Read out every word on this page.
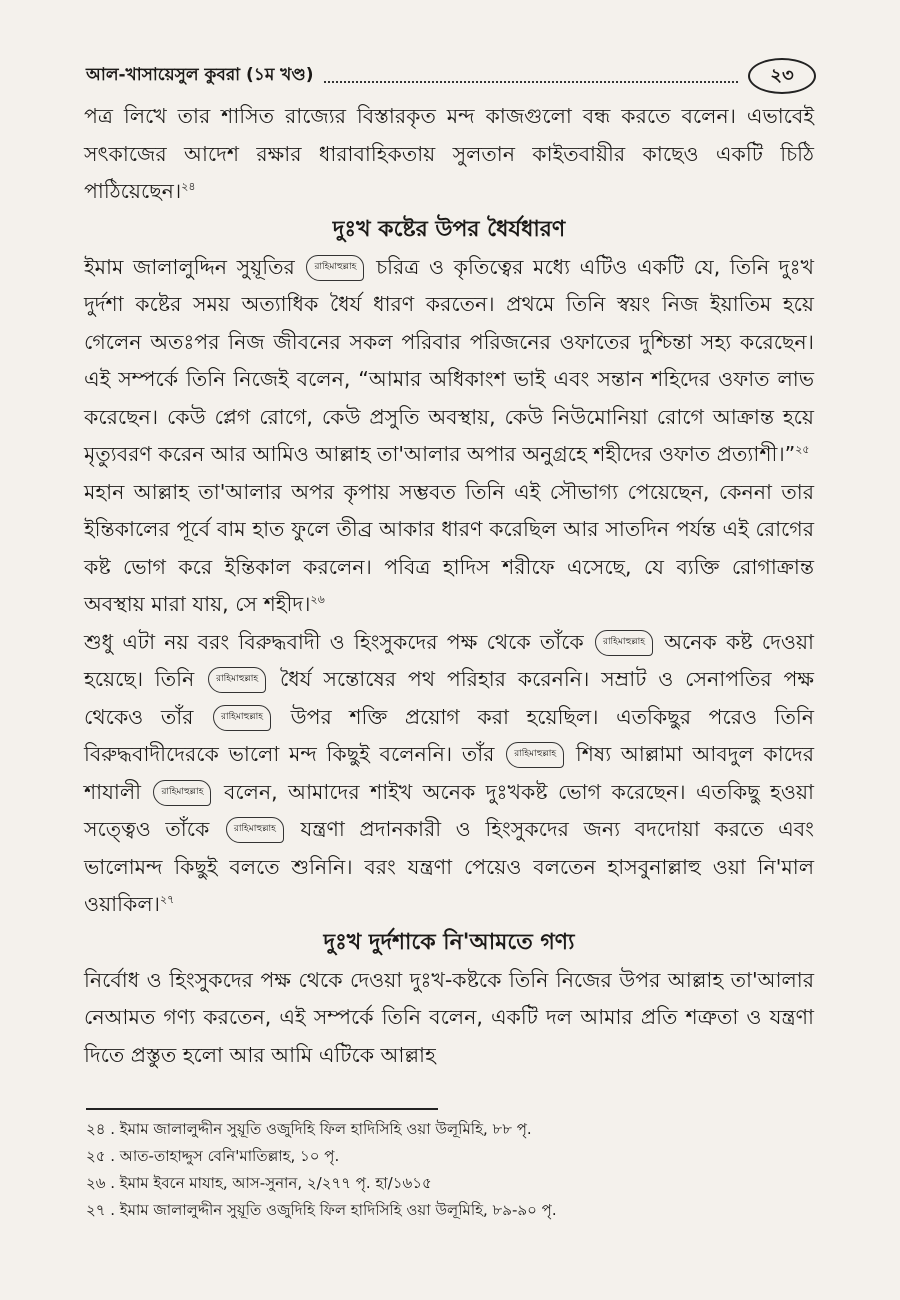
আল-খাসায়েসুল কুবরা (১ম খণ্ড)	২৩

পত্র লিখে তার শাসিত রাজ্যের বিস্তারকৃত মন্দ কাজগুলো বন্ধ করতে বলেন। এভাবেই সৎকাজের আদেশ রক্ষার ধারাবাহিকতায় সুলতান কাইতবায়ীর কাছেও একটি চিঠি পাঠিয়েছেন।$^{২৪}$

দুঃখ কষ্টের উপর ধৈর্যধারণ

ইমাম জালালুদ্দিন সুয়ূতির	রাহিমাহুল্লাহ চরিত্র ও কৃতিত্বের মধ্যে এটিও একটি যে, তিনি দুঃখ দুর্দশা কষ্টের সময় অত্যাধিক ধৈর্য ধারণ করতেন। প্রথমে তিনি স্বয়ং নিজ ইয়াতিম হয়ে গেলেন অতঃপর নিজ জীবনের সকল পরিবার পরিজনের ওফাতের দুশ্চিন্তা সহ্য করেছেন। এই সম্পর্কে তিনি নিজেই বলেন, “আমার অধিকাংশ ভাই এবং সন্তান শহিদের ওফাত লাভ করেছেন। কেউ প্লেগ রোগে, কেউ প্রসুতি অবস্থায়, কেউ নিউমোনিয়া রোগে আক্রান্ত হয়ে মৃত্যুবরণ করেন আর আমিও আল্লাহ তা'আলার অপার অনুগ্রহে শহীদের ওফাত প্রত্যাশী।”$^{২৫}$

মহান আল্লাহ তা'আলার অপর কৃপায় সম্ভবত তিনি এই সৌভাগ্য পেয়েছেন, কেননা তার ইন্তিকালের পূর্বে বাম হাত ফুলে তীব্র আকার ধারণ করেছিল আর সাতদিন পর্যন্ত এই রোগের কষ্ট ভোগ করে ইন্তিকাল করলেন। পবিত্র হাদিস শরীফে এসেছে, যে ব্যক্তি রোগাক্রান্ত অবস্থায় মারা যায়, সে শহীদ।$^{২৬}$

শুধু এটা নয় বরং বিরুদ্ধবাদী ও হিংসুকদের পক্ষ থেকে তাঁকে	রাহিমাহুল্লাহ অনেক কষ্ট দেওয়া হয়েছে। তিনি	রাহিমাহুল্লাহ	ধৈর্য সন্তোষের পথ পরিহার করেননি। সম্রাট ও সেনাপতির পক্ষ থেকেও তাঁর	রাহিমাহুল্লাহ	উপর শক্তি প্রয়োগ করা হয়েছিল। এতকিছুর পরেও তিনি বিরুদ্ধবাদীদেরকে ভালো মন্দ কিছুই বলেননি। তাঁর	রাহিমাহুল্লাহ শিষ্য আল্লামা আবদুল কাদের শাযালী	রাহিমাহুল্লাহ	বলেন, আমাদের শাইখ অনেক দুঃখকষ্ট ভোগ করেছেন। এতকিছু হওয়া সত্ত্বেও তাঁকে	রাহিমাহুল্লাহ	যন্ত্রণা প্রদানকারী ও হিংসুকদের জন্য বদদোয়া করতে এবং ভালোমন্দ কিছুই বলতে শুনিনি। বরং যন্ত্রণা পেয়েও বলতেন হাসবুনাল্লাহু ওয়া নি'মাল ওয়াকিল।$^{২৭}$

দুঃখ দুর্দশাকে নি'আমতে গণ্য

নির্বোধ ও হিংসুকদের পক্ষ থেকে দেওয়া দুঃখ-কষ্টকে তিনি নিজের উপর আল্লাহ তা'আলার নেআমত গণ্য করতেন, এই সম্পর্কে তিনি বলেন, একটি দল আমার প্রতি শত্রুতা ও যন্ত্রণা দিতে প্রস্তুত হলো আর আমি এটিকে আল্লাহ

২৪ . ইমাম জালালুদ্দীন সুয়ূতি ওজুদিহি ফিল হাদিসিহি ওয়া উলূমিহি, ৮৮ পৃ.
২৫ . আত-তাহাদ্দুস বেনি'মাতিল্লাহ, ১০ পৃ.
২৬ . ইমাম ইবনে মাযাহ, আস-সুনান, ২/২৭৭ পৃ. হা/১৬১৫
২৭ . ইমাম জালালুদ্দীন সুয়ূতি ওজুদিহি ফিল হাদিসিহি ওয়া উলূমিহি, ৮৯-৯০ পৃ.
